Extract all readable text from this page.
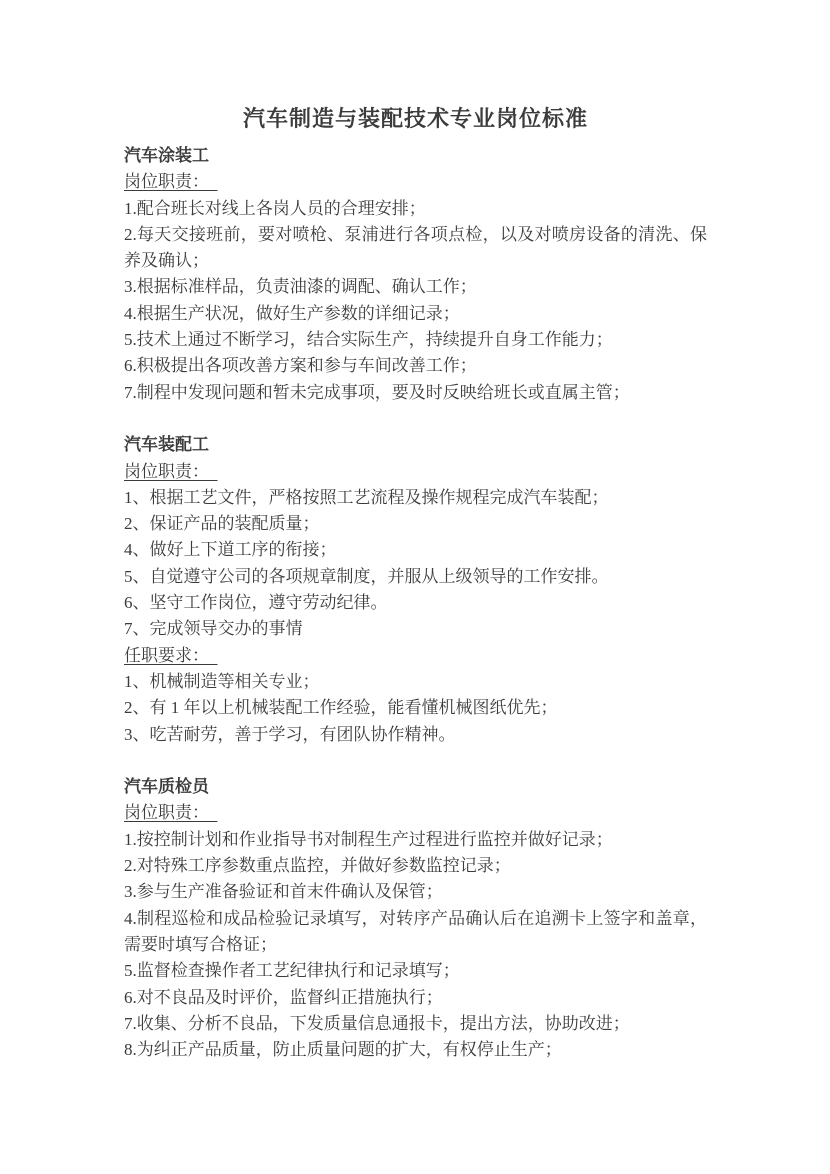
汽车制造与装配技术专业岗位标准

汽车涂装工

岗位职责：

1.配合班长对线上各岗人员的合理安排；

2.每天交接班前，要对喷枪、泵浦进行各项点检，以及对喷房设备的清洗、保养及确认；

3.根据标准样品，负责油漆的调配、确认工作；

4.根据生产状况，做好生产参数的详细记录；

5.技术上通过不断学习，结合实际生产，持续提升自身工作能力；

6.积极提出各项改善方案和参与车间改善工作；

7.制程中发现问题和暂未完成事项，要及时反映给班长或直属主管；

汽车装配工

岗位职责：

1、根据工艺文件，严格按照工艺流程及操作规程完成汽车装配；

2、保证产品的装配质量；

4、做好上下道工序的衔接；

5、自觉遵守公司的各项规章制度，并服从上级领导的工作安排。

6、坚守工作岗位，遵守劳动纪律。

7、完成领导交办的事情

任职要求：

1、机械制造等相关专业；

2、有 1 年以上机械装配工作经验，能看懂机械图纸优先；

3、吃苦耐劳，善于学习，有团队协作精神。

汽车质检员

岗位职责：

1.按控制计划和作业指导书对制程生产过程进行监控并做好记录；

2.对特殊工序参数重点监控，并做好参数监控记录；

3.参与生产准备验证和首末件确认及保管；

4.制程巡检和成品检验记录填写，对转序产品确认后在追溯卡上签字和盖章，需要时填写合格证；

5.监督检查操作者工艺纪律执行和记录填写；

6.对不良品及时评价，监督纠正措施执行；

7.收集、分析不良品，下发质量信息通报卡，提出方法，协助改进；

8.为纠正产品质量，防止质量问题的扩大，有权停止生产；
